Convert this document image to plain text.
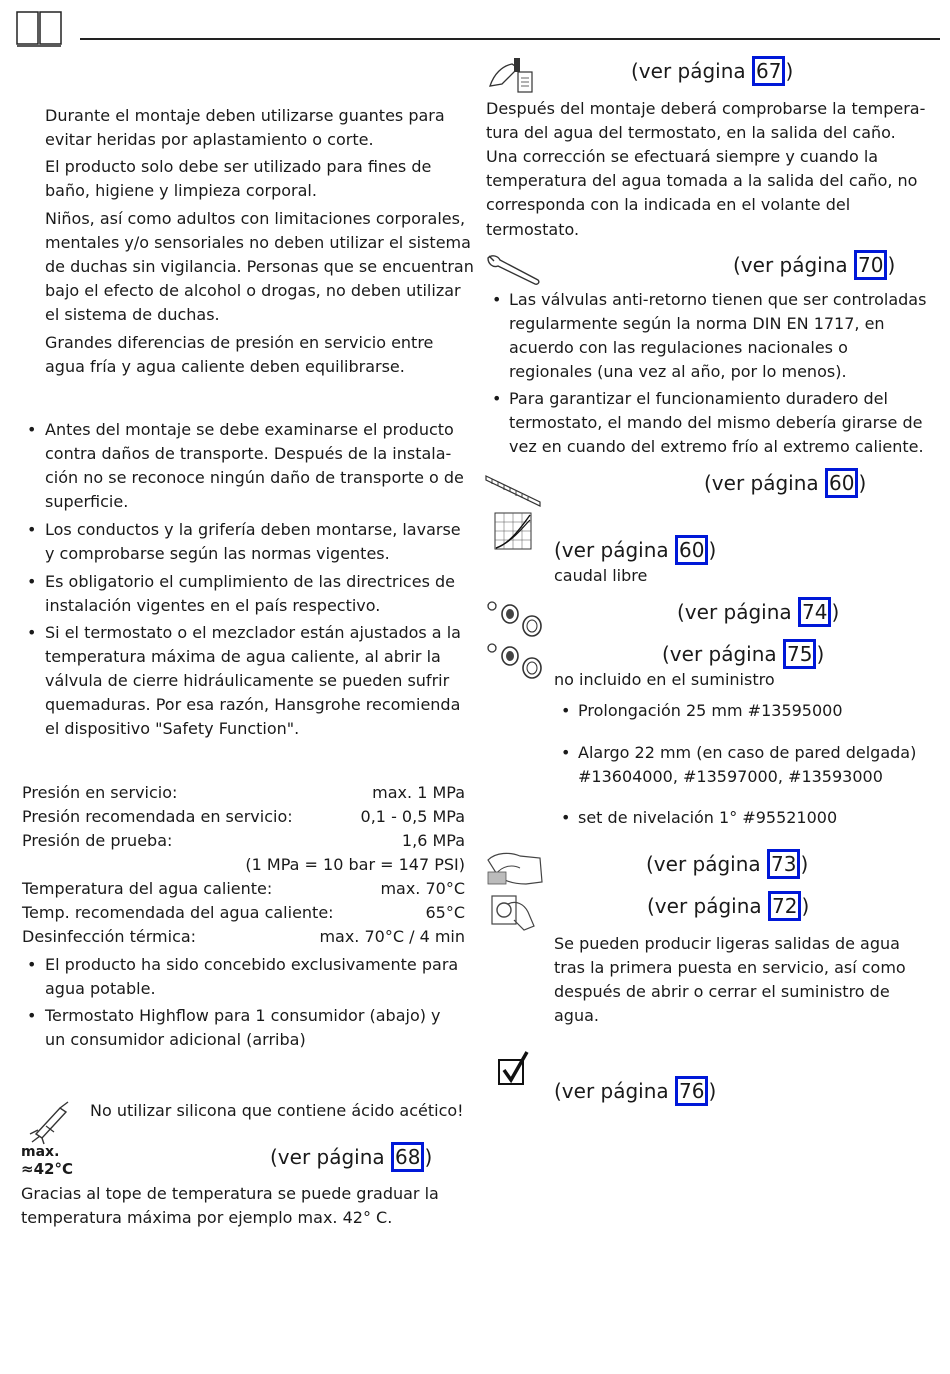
Durante el montaje deben utilizarse guantes para
evitar heridas por aplastamiento o corte.
El producto solo debe ser utilizado para fines de
baño, higiene y limpieza corporal.
Niños, así como adultos con limitaciones corporales,
mentales y/o sensoriales no deben utilizar el sistema
de duchas sin vigilancia. Personas que se encuentran
bajo el efecto de alcohol o drogas, no deben utilizar
el sistema de duchas.
Grandes diferencias de presión en servicio entre
agua fría y agua caliente deben equilibrarse.
• Antes del montaje se debe examinarse el producto
contra daños de transporte. Después de la instala-
ción no se reconoce ningún daño de transporte o de
superficie.
• Los conductos y la grifería deben montarse, lavarse
y comprobarse según las normas vigentes.
• Es obligatorio el cumplimiento de las directrices de
instalación vigentes en el país respectivo.
• Si el termostato o el mezclador están ajustados a la
temperatura máxima de agua caliente, al abrir la
válvula de cierre hidráulicamente se pueden sufrir
quemaduras. Por esa razón, Hansgrohe recomienda
el dispositivo "Safety Function".
Presión en servicio:	max. 1 MPa
Presión recomendada en servicio:	0,1 - 0,5 MPa
Presión de prueba:	1,6 MPa
(1 MPa = 10 bar = 147 PSI)
Temperatura del agua caliente:	max. 70°C
Temp. recomendada del agua caliente:	65°C
Desinfección térmica:	max. 70°C / 4 min
• El producto ha sido concebido exclusivamente para
agua potable.
• Termostato Highflow para 1 consumidor (abajo) y
un consumidor adicional (arriba)
No utilizar silicona que contiene ácido acético!
max.
≈42°C	(ver página 68 )
Gracias al tope de temperatura se puede graduar la
temperatura máxima por ejemplo max. 42° C.
(ver página 67 )
Después del montaje deberá comprobarse la tempera-
tura del agua del termostato, en la salida del caño.
Una corrección se efectuará siempre y cuando la
temperatura del agua tomada a la salida del caño, no
corresponda con la indicada en el volante del
termostato.
(ver página 70 )
• Las válvulas anti-retorno tienen que ser controladas
regularmente según la norma DIN EN 1717, en
acuerdo con las regulaciones nacionales o
regionales (una vez al año, por lo menos).
• Para garantizar el funcionamiento duradero del
termostato, el mando del mismo debería girarse de
vez en cuando del extremo frío al extremo caliente.
(ver página 60 )
(ver página 60 )
caudal libre
(ver página 74 )
(ver página 75 )
no incluido en el suministro
• Prolongación 25 mm #13595000
• Alargo 22 mm (en caso de pared delgada)
#13604000, #13597000, #13593000
• set de nivelación 1° #95521000
(ver página 73 )
(ver página 72 )
Se pueden producir ligeras salidas de agua
tras la primera puesta en servicio, así como
después de abrir o cerrar el suministro de
agua.
(ver página 76 )
